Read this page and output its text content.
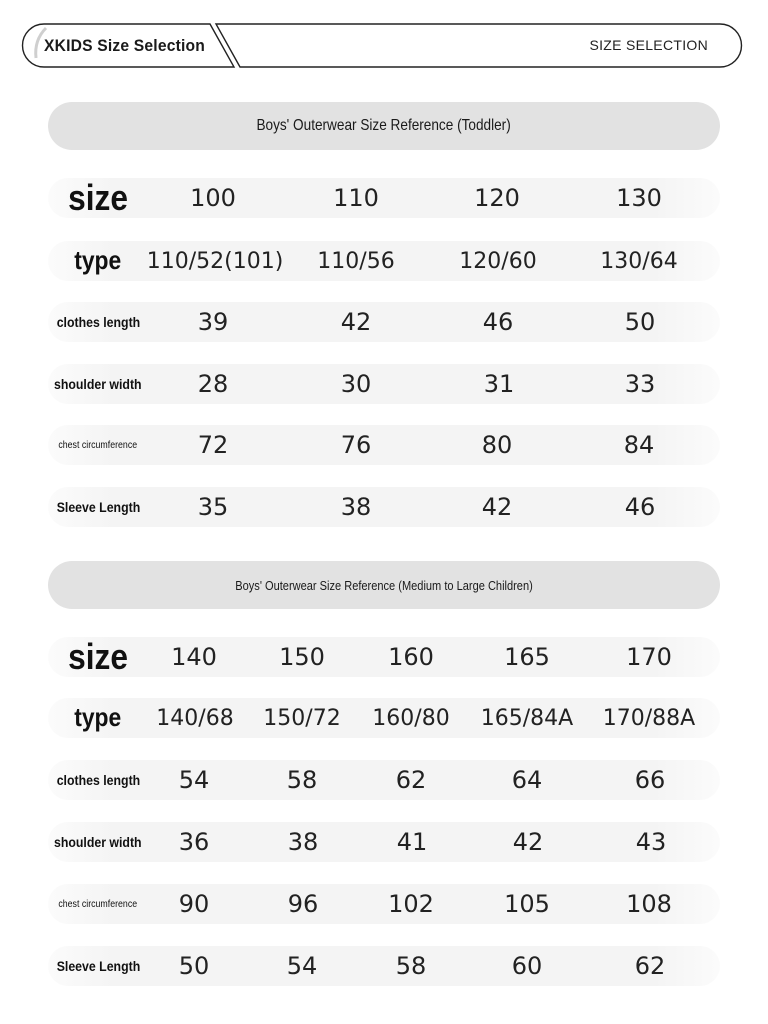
XKIDS Size Selection	SIZE SELECTION
Boys' Outerwear Size Reference (Toddler)
size	100	110	120	130
type 110/52(101) 110/56	120/60	130/64
clothes length 39	42	46	50
shoulder width 28	30	31	33
chest circumference	72	76	80	84
Sleeve Length 35	38	42	46
Boys' Outerwear Size Reference (Medium to Large Children)
size 140	150	160	165	170
type 140/68 150/72 160/80 165/84A 170/88A
clothes length 54	58	62	64	66
shoulder width 36	38	41	42	43
chest circumference 90	96	102	105	108
Sleeve Length 50	54	58	60	62
